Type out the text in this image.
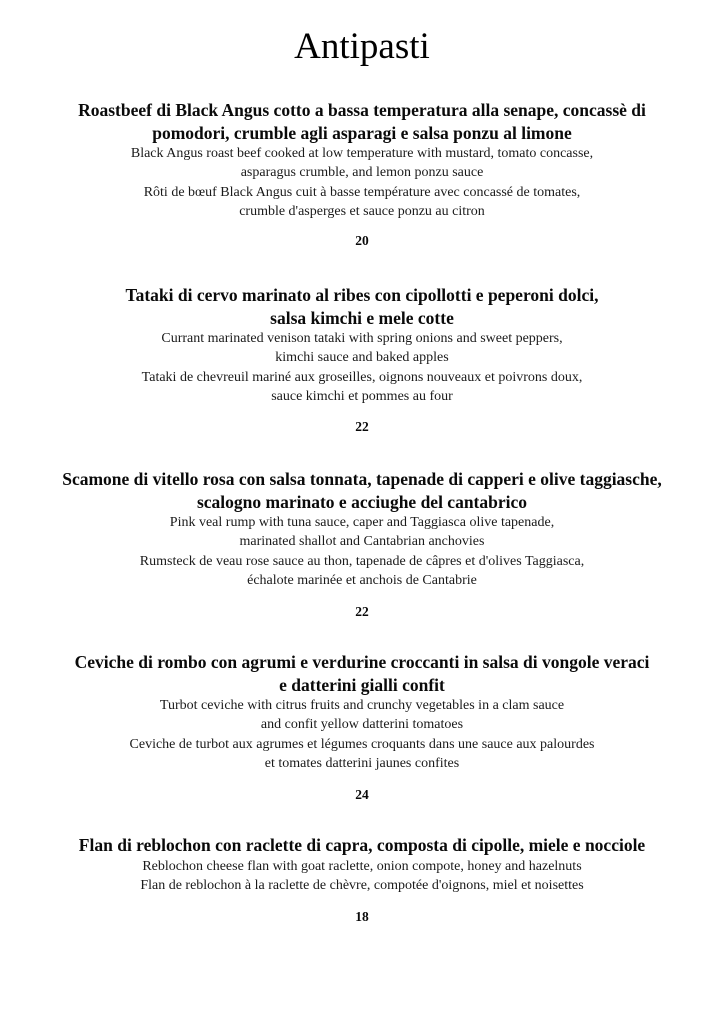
Antipasti
Roastbeef di Black Angus cotto a bassa temperatura alla senape, concassè di
pomodori, crumble agli asparagi e salsa ponzu al limone
Black Angus roast beef cooked at low temperature with mustard, tomato concasse,
asparagus crumble, and lemon ponzu sauce
Rôti de bœuf Black Angus cuit à basse température avec concassé de tomates,
crumble d'asperges et sauce ponzu au citron
20
Tataki di cervo marinato al ribes con cipollotti e peperoni dolci,
salsa kimchi e mele cotte
Currant marinated venison tataki with spring onions and sweet peppers,
kimchi sauce and baked apples
Tataki de chevreuil mariné aux groseilles, oignons nouveaux et poivrons doux,
sauce kimchi et pommes au four
22
Scamone di vitello rosa con salsa tonnata, tapenade di capperi e olive taggiasche,
scalogno marinato e acciughe del cantabrico
Pink veal rump with tuna sauce, caper and Taggiasca olive tapenade,
marinated shallot and Cantabrian anchovies
Rumsteck de veau rose sauce au thon, tapenade de câpres et d'olives Taggiasca,
échalote marinée et anchois de Cantabrie
22
Ceviche di rombo con agrumi e verdurine croccanti in salsa di vongole veraci
e datterini gialli confit
Turbot ceviche with citrus fruits and crunchy vegetables in a clam sauce
and confit yellow datterini tomatoes
Ceviche de turbot aux agrumes et légumes croquants dans une sauce aux palourdes
et tomates datterini jaunes confites
24
Flan di reblochon con raclette di capra, composta di cipolle, miele e nocciole
Reblochon cheese flan with goat raclette, onion compote, honey and hazelnuts
Flan de reblochon à la raclette de chèvre, compotée d'oignons, miel et noisettes
18
